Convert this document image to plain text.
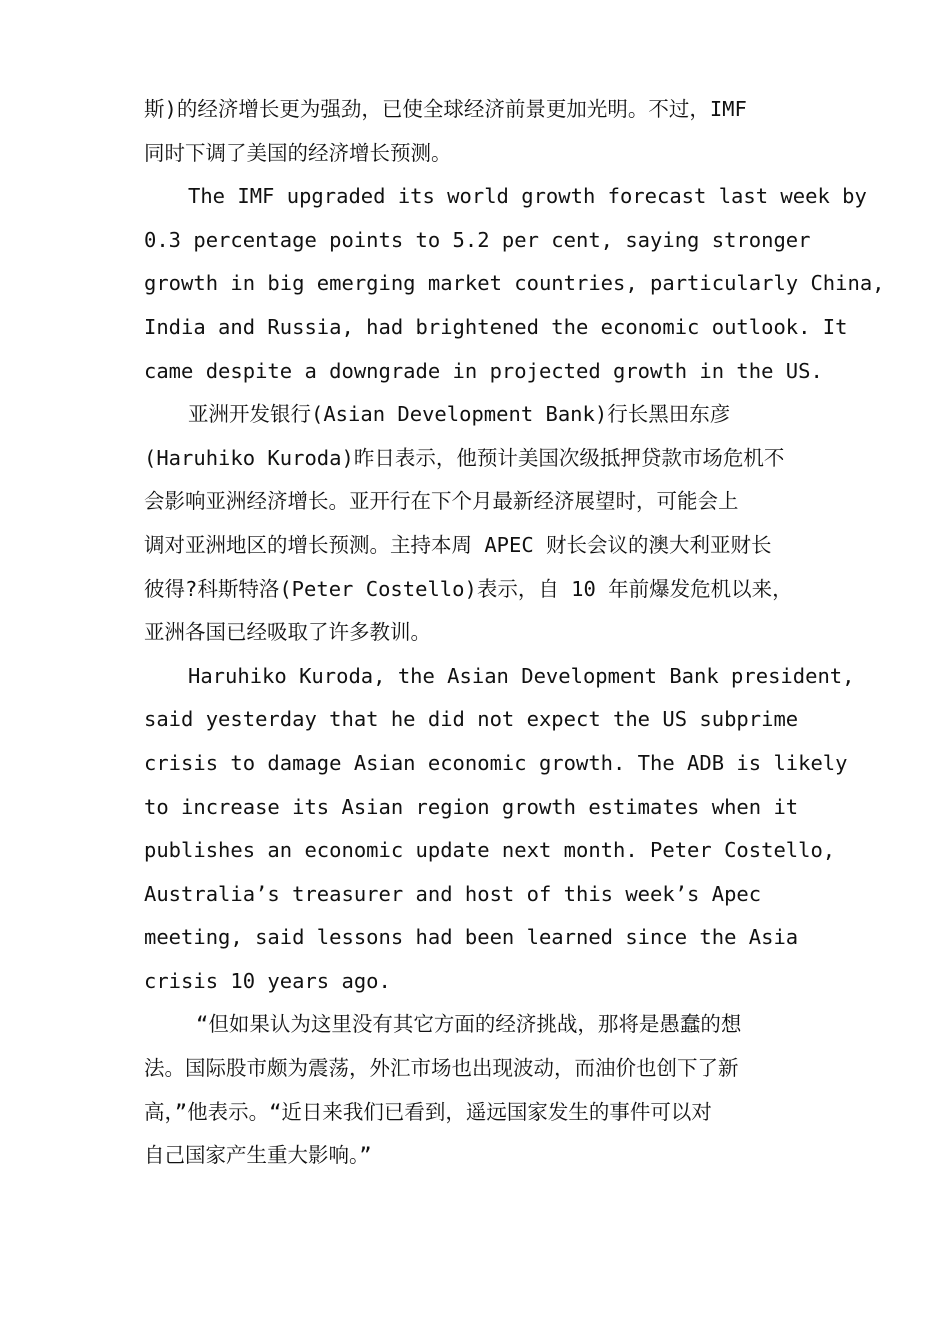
斯)的经济增长更为强劲，已使全球经济前景更加光明。不过，IMF
同时下调了美国的经济增长预测。
The IMF upgraded its world growth forecast last week by
0.3 percentage points to 5.2 per cent, saying stronger
growth in big emerging market countries, particularly China,
India and Russia, had brightened the economic outlook. It
came despite a downgrade in projected growth in the US.
亚洲开发银行(Asian Development Bank)行长黑田东彦
(Haruhiko Kuroda)昨日表示，他预计美国次级抵押贷款市场危机不
会影响亚洲经济增长。亚开行在下个月最新经济展望时，可能会上
调对亚洲地区的增长预测。主持本周 APEC 财长会议的澳大利亚财长
彼得?科斯特洛(Peter Costello)表示，自 10 年前爆发危机以来，
亚洲各国已经吸取了许多教训。
Haruhiko Kuroda, the Asian Development Bank president,
said yesterday that he did not expect the US subprime
crisis to damage Asian economic growth. The ADB is likely
to increase its Asian region growth estimates when it
publishes an economic update next month. Peter Costello,
Australia’s treasurer and host of this week’s Apec
meeting, said lessons had been learned since the Asia
crisis 10 years ago.
“但如果认为这里没有其它方面的经济挑战，那将是愚蠢的想
法。国际股市颇为震荡，外汇市场也出现波动，而油价也创下了新
高，”他表示。“近日来我们已看到，遥远国家发生的事件可以对
自己国家产生重大影响。”
